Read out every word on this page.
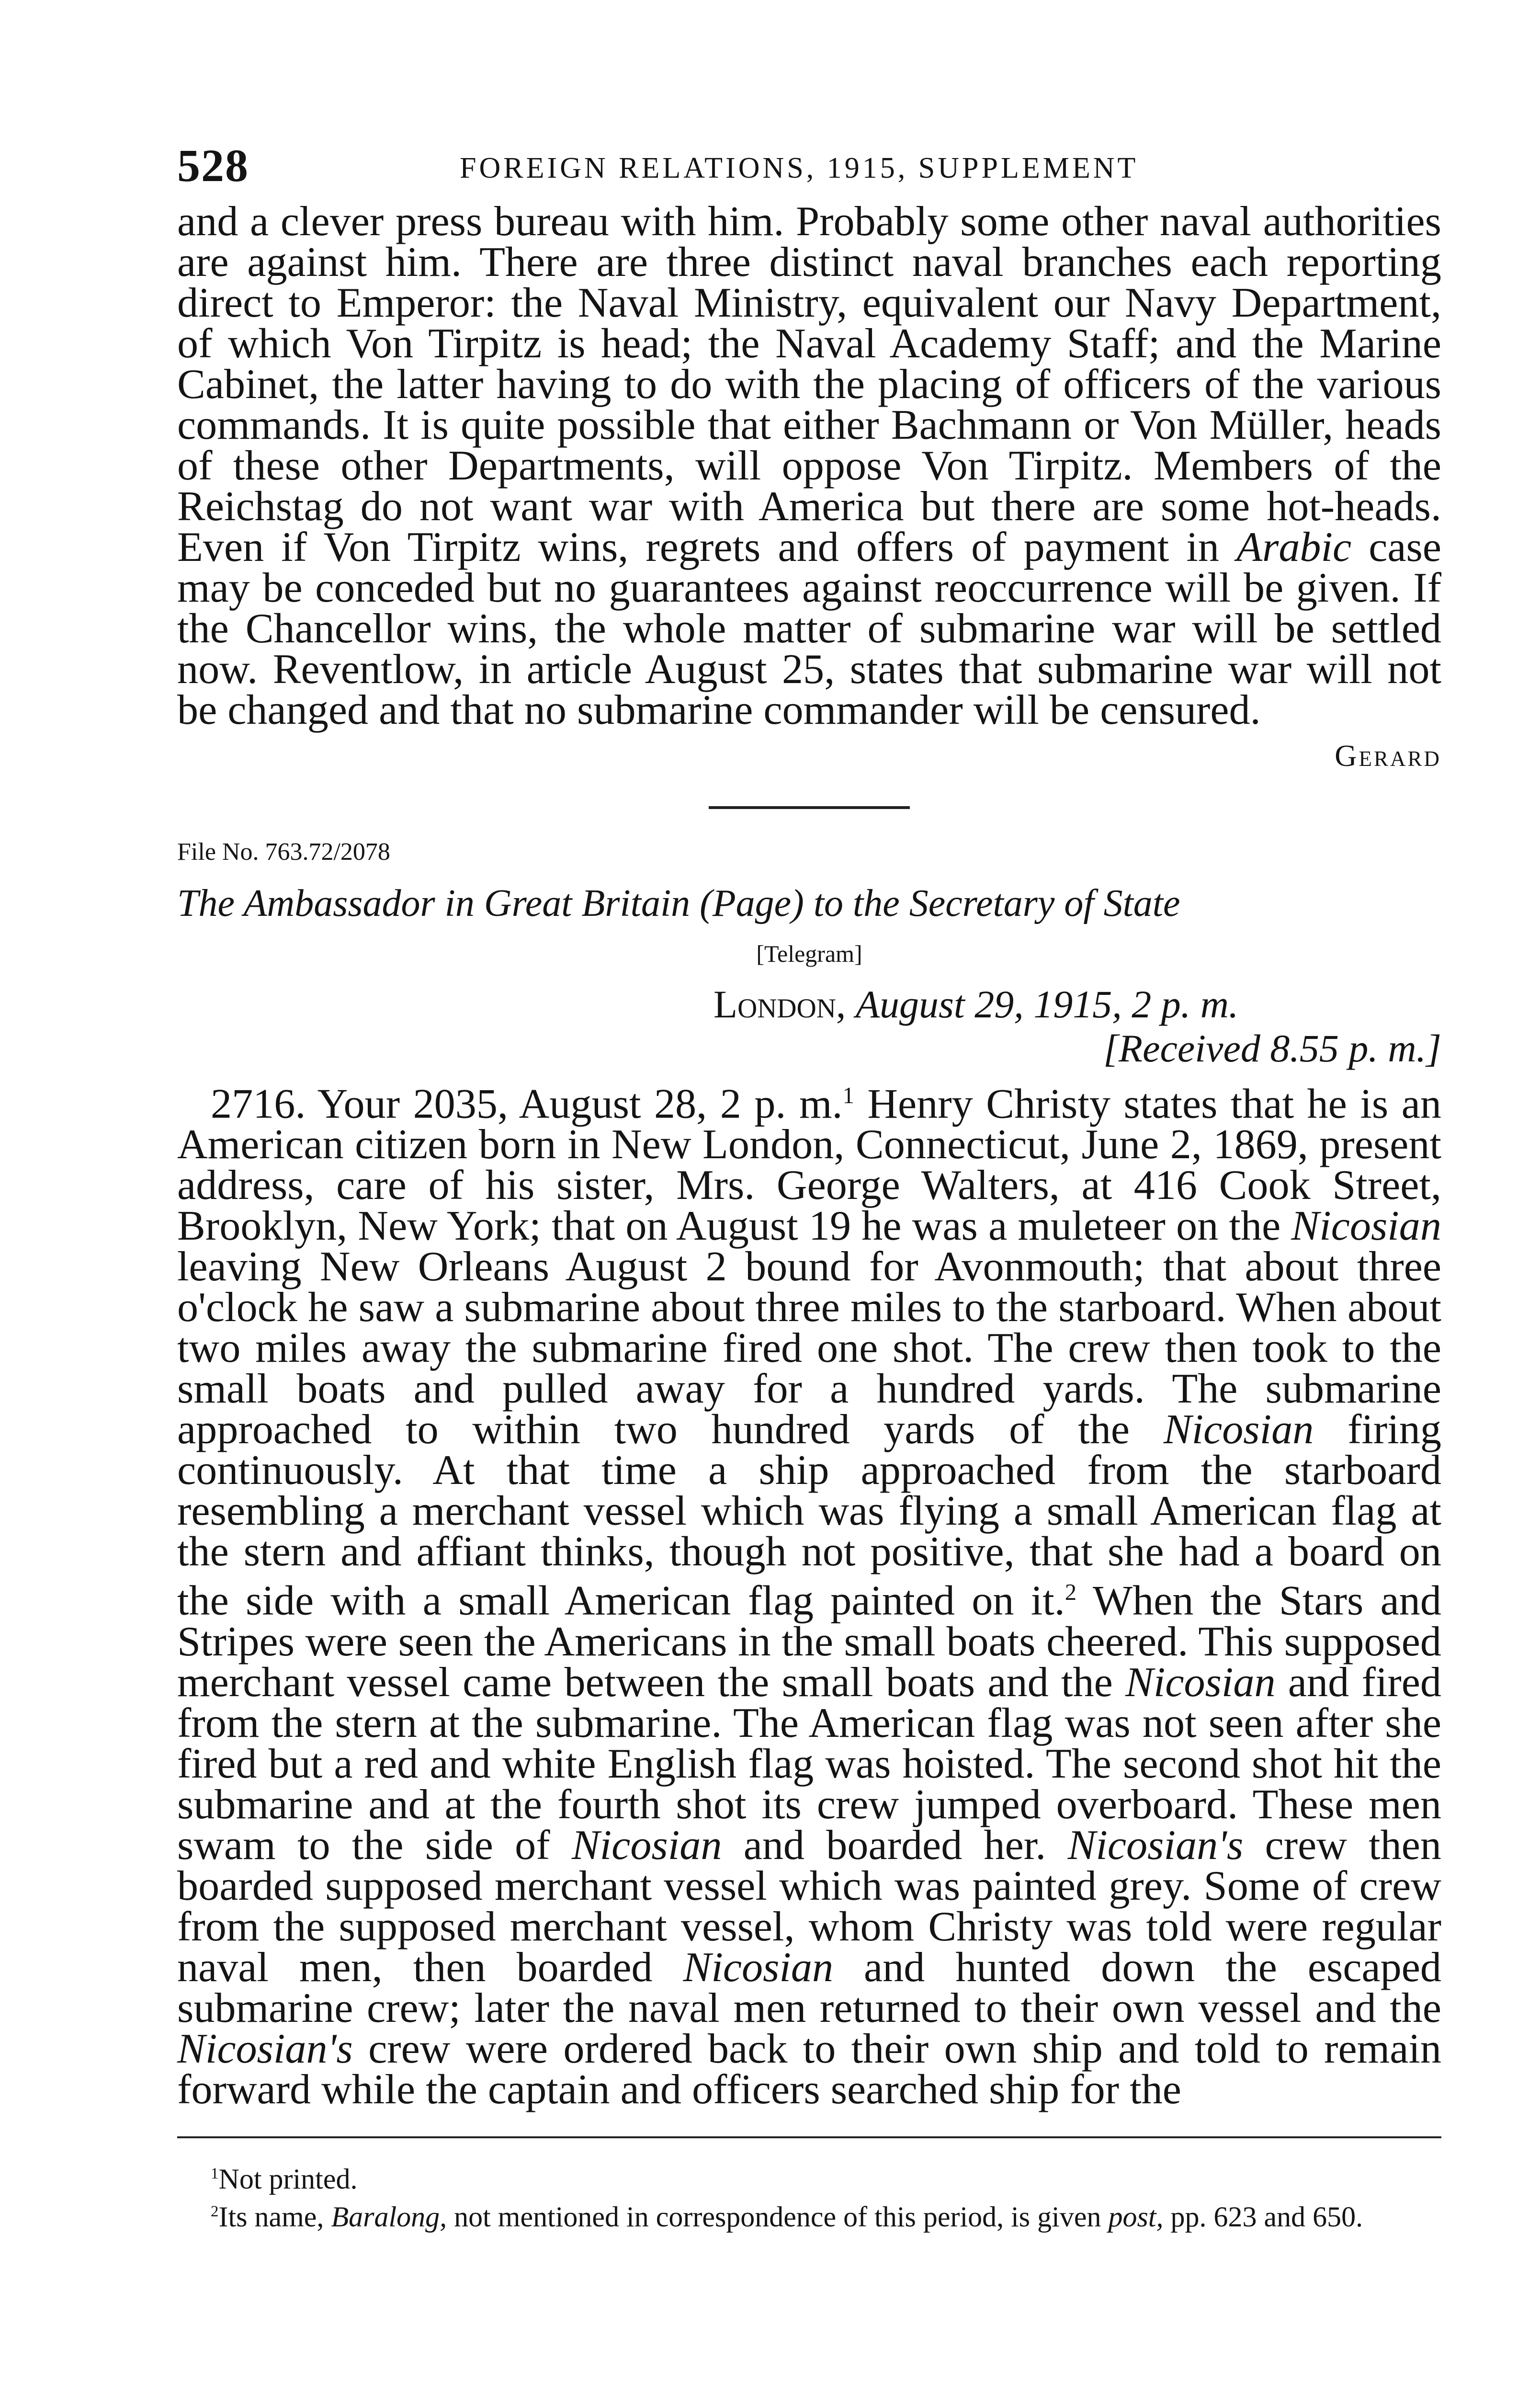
528	FOREIGN RELATIONS, 1915, SUPPLEMENT

and a clever press bureau with him. Probably some other naval authorities are against him. There are three distinct naval branches each reporting direct to Emperor: the Naval Ministry, equivalent our Navy Department, of which Von Tirpitz is head; the Naval Academy Staff; and the Marine Cabinet, the latter having to do with the placing of officers of the various commands. It is quite possible that either Bachmann or Von Müller, heads of these other Departments, will oppose Von Tirpitz. Members of the Reichstag do not want war with America but there are some hot-heads. Even if Von Tirpitz wins, regrets and offers of payment in Arabic case may be conceded but no guarantees against reoccurrence will be given. If the Chancellor wins, the whole matter of submarine war will be settled now. Reventlow, in article August 25, states that submarine war will not be changed and that no submarine commander will be censured.

Gerard
File No. 763.72/2078
The Ambassador in Great Britain (Page) to the Secretary of State
[Telegram]
London, August 29, 1915, 2 p. m.
[Received 8.55 p. m.]

2716. Your 2035, August 28, 2 p. m.$^1$ Henry Christy states that he is an American citizen born in New London, Connecticut, June 2, 1869, present address, care of his sister, Mrs. George Walters, at 416 Cook Street, Brooklyn, New York; that on August 19 he was a muleteer on the Nicosian leaving New Orleans August 2 bound for Avonmouth; that about three o'clock he saw a submarine about three miles to the starboard. When about two miles away the submarine fired one shot. The crew then took to the small boats and pulled away for a hundred yards. The submarine approached to within two hundred yards of the Nicosian firing continuously. At that time a ship approached from the starboard resembling a merchant vessel which was flying a small American flag at the stern and affiant thinks, though not positive, that she had a board on the side with a small American flag painted on it.$^2$ When the Stars and Stripes were seen the Americans in the small boats cheered. This supposed merchant vessel came between the small boats and the Nicosian and fired from the stern at the submarine. The American flag was not seen after she fired but a red and white English flag was hoisted. The second shot hit the submarine and at the fourth shot its crew jumped overboard. These men swam to the side of Nicosian and boarded her. Nicosian's crew then boarded supposed merchant vessel which was painted grey. Some of crew from the supposed merchant vessel, whom Christy was told were regular naval men, then boarded Nicosian and hunted down the escaped submarine crew; later the naval men returned to their own vessel and the Nicosian's crew were ordered back to their own ship and told to remain forward while the captain and officers searched ship for the

$^1$Not printed.
$^2$Its name, Baralong, not mentioned in correspondence of this period, is given post, pp. 623 and 650.
